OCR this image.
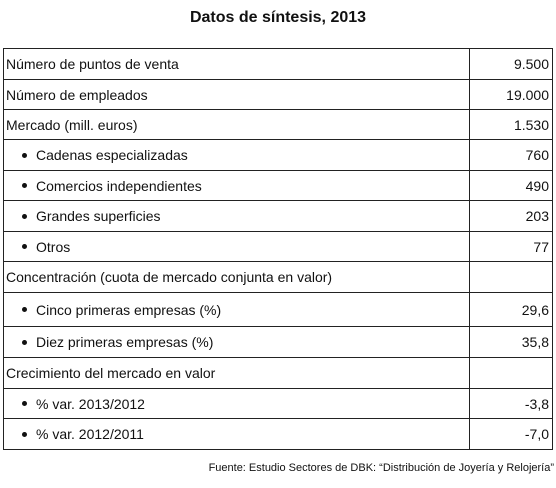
Datos de síntesis, 2013
Número de puntos de venta	9.500
Número de empleados	19.000
Mercado (mill. euros)	1.530
Cadenas especializadas	760
Comercios independientes	490
Grandes superficies	203
Otros	77
Concentración (cuota de mercado conjunta en valor)
Cinco primeras empresas (%)	29,6
Diez primeras empresas (%)	35,8
Crecimiento del mercado en valor
% var. 2013/2012	-3,8
% var. 2012/2011	-7,0
Fuente: Estudio Sectores de DBK: “Distribución de Joyería y Relojería”
